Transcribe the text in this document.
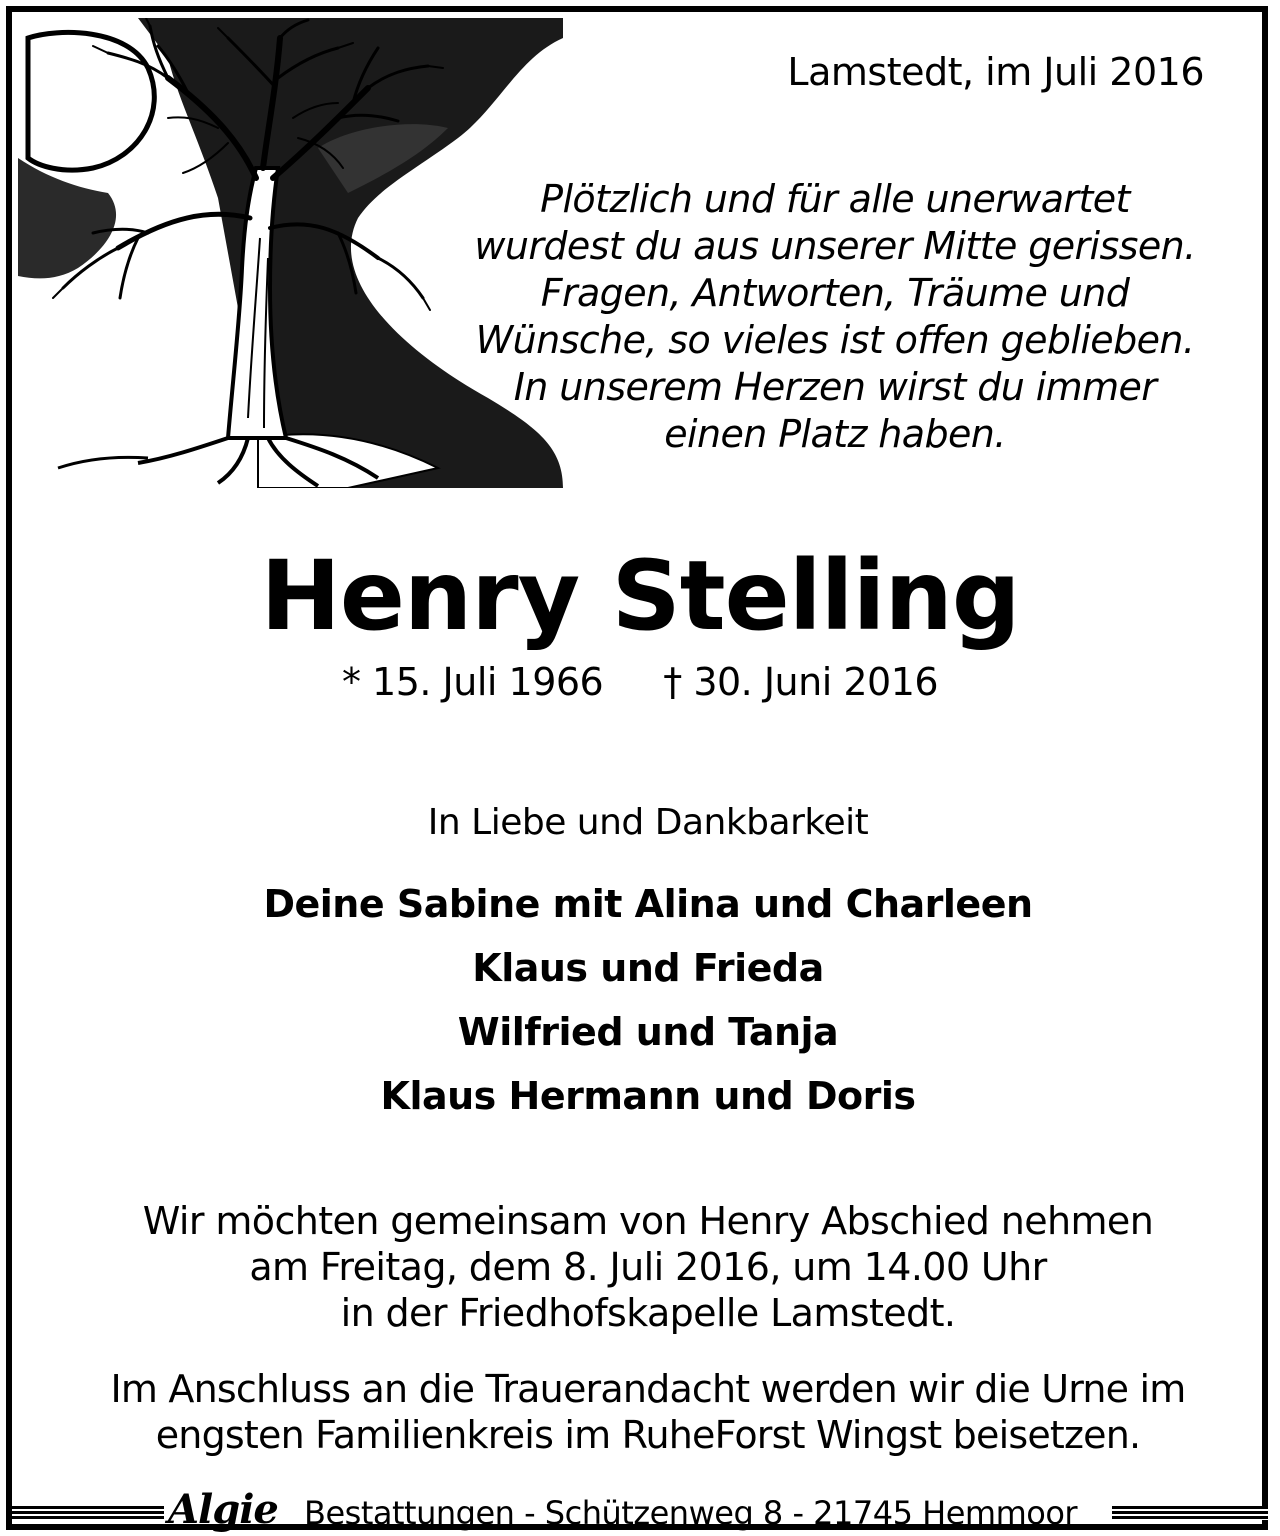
Lamstedt, im Juli 2016
Plötzlich und für alle unerwartet
wurdest du aus unserer Mitte gerissen.
Fragen, Antworten, Träume und
Wünsche, so vieles ist offen geblieben.
In unserem Herzen wirst du immer
einen Platz haben.
Henry Stelling
* 15. Juli 1966 † 30. Juni 2016
In Liebe und Dankbarkeit
Deine Sabine mit Alina und Charleen
Klaus und Frieda
Wilfried und Tanja
Klaus Hermann und Doris
Wir möchten gemeinsam von Henry Abschied nehmen
am Freitag, dem 8. Juli 2016, um 14.00 Uhr
in der Friedhofskapelle Lamstedt.
Im Anschluss an die Trauerandacht werden wir die Urne im
engsten Familienkreis im RuheForst Wingst beisetzen.
Algie Bestattungen - Schützenweg 8 - 21745 Hemmoor
